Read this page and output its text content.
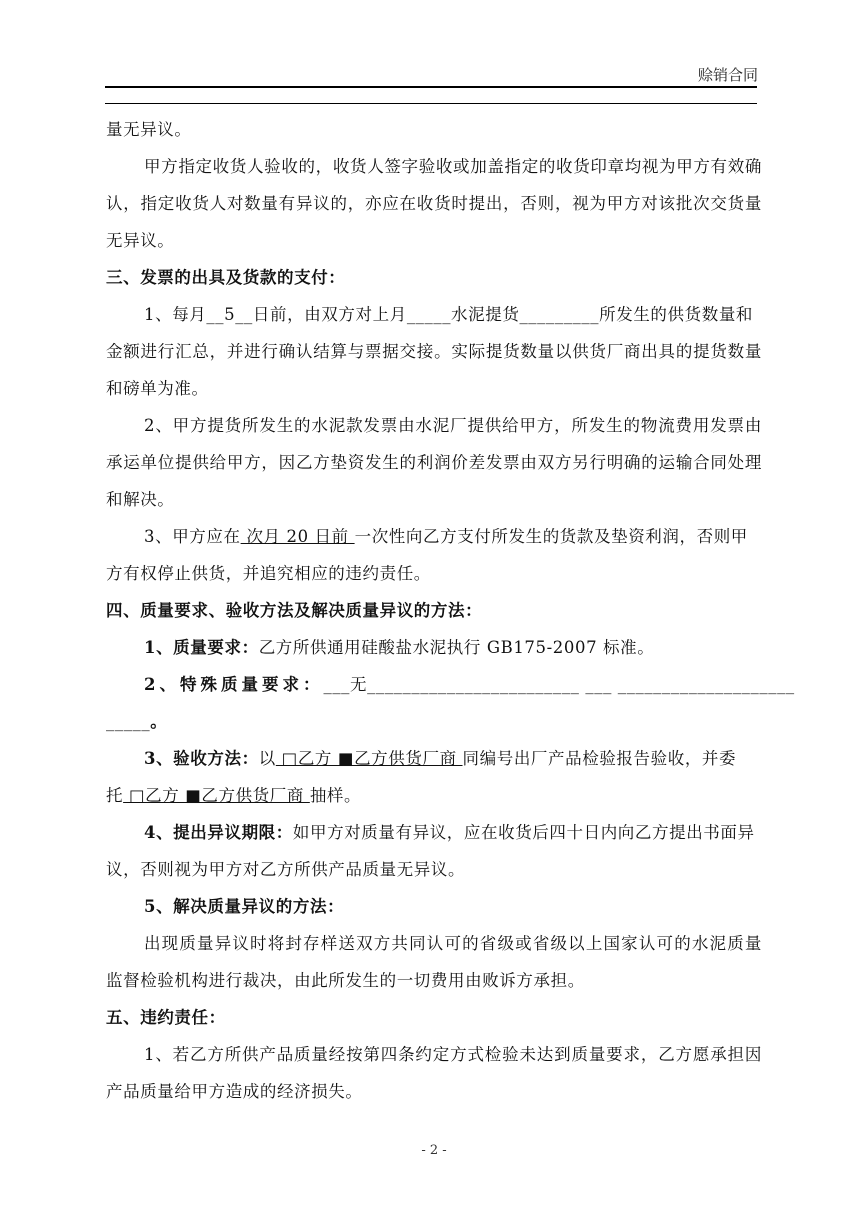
赊销合同
量无异议。
甲方指定收货人验收的，收货人签字验收或加盖指定的收货印章均视为甲方有效确
认，指定收货人对数量有异议的，亦应在收货时提出，否则，视为甲方对该批次交货量
无异议。
三、发票的出具及货款的支付：
1、每月__5__日前，由双方对上月_____水泥提货_________所发生的供货数量和
金额进行汇总，并进行确认结算与票据交接。实际提货数量以供货厂商出具的提货数量
和磅单为准。
2、甲方提货所发生的水泥款发票由水泥厂提供给甲方，所发生的物流费用发票由
承运单位提供给甲方，因乙方垫资发生的利润价差发票由双方另行明确的运输合同处理
和解决。
3、甲方应在 次月 20 日前 一次性向乙方支付所发生的货款及垫资利润，否则甲
方有权停止供货，并追究相应的违约责任。
四、质量要求、验收方法及解决质量异议的方法：
1、质量要求：乙方所供通用硅酸盐水泥执行 GB175-2007 标准。
2、特殊质量要求：___无________________________ ___ ____________________
_____。
3、验收方法：以 □乙方 ■乙方供货厂商 同编号出厂产品检验报告验收，并委
托 □乙方 ■乙方供货厂商 抽样。
4、提出异议期限：如甲方对质量有异议，应在收货后四十日内向乙方提出书面异
议，否则视为甲方对乙方所供产品质量无异议。
5、解决质量异议的方法：
出现质量异议时将封存样送双方共同认可的省级或省级以上国家认可的水泥质量
监督检验机构进行裁决，由此所发生的一切费用由败诉方承担。
五、违约责任：
1、若乙方所供产品质量经按第四条约定方式检验未达到质量要求，乙方愿承担因
产品质量给甲方造成的经济损失。
- 2 -
